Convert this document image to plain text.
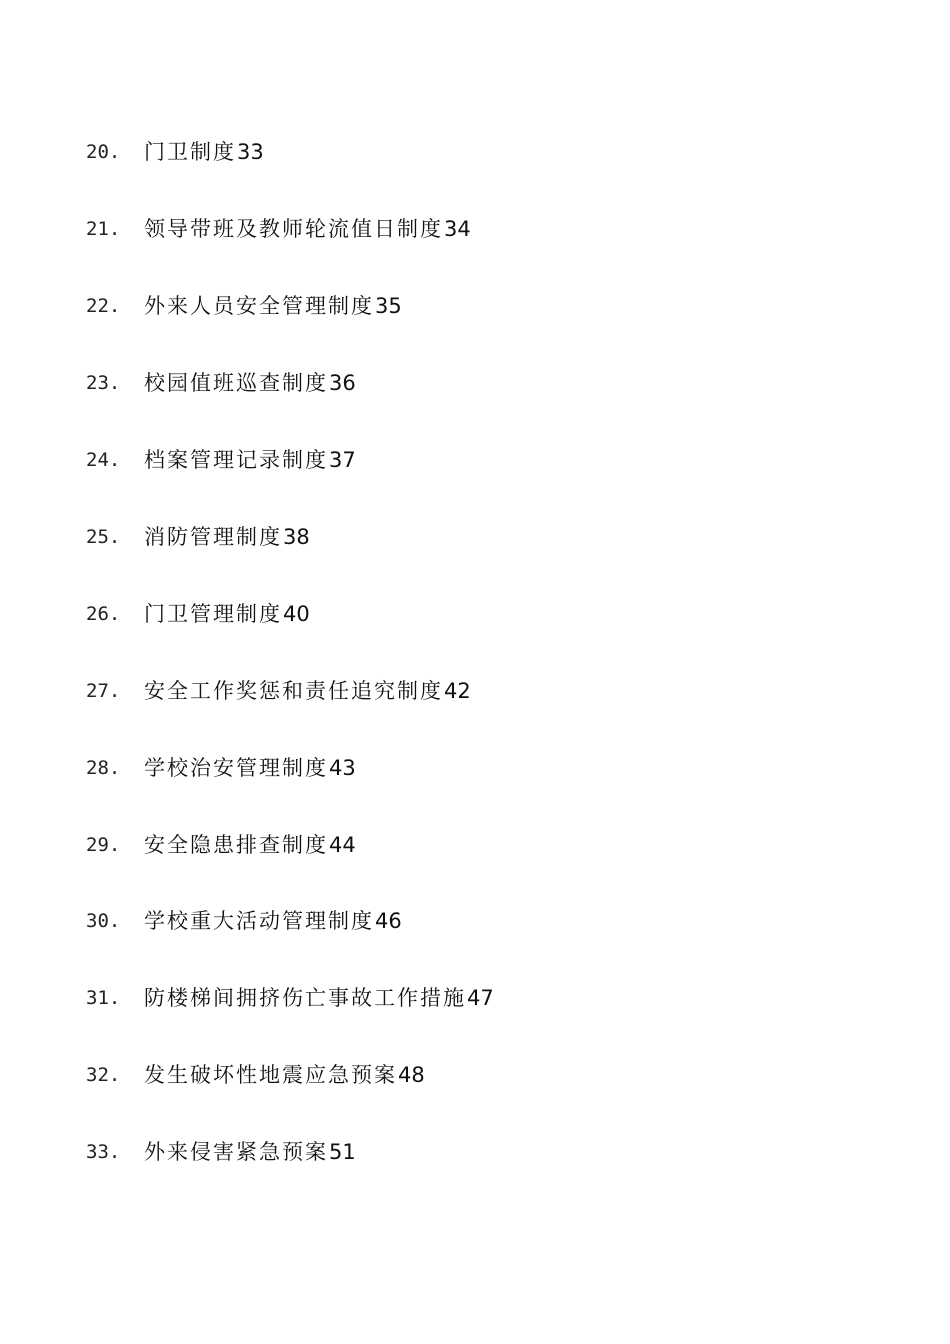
20. 门卫制度33
21. 领导带班及教师轮流值日制度34
22. 外来人员安全管理制度35
23. 校园值班巡查制度36
24. 档案管理记录制度37
25. 消防管理制度38
26. 门卫管理制度40
27. 安全工作奖惩和责任追究制度42
28. 学校治安管理制度43
29. 安全隐患排查制度44
30. 学校重大活动管理制度46
31. 防楼梯间拥挤伤亡事故工作措施47
32. 发生破坏性地震应急预案48
33. 外来侵害紧急预案51
